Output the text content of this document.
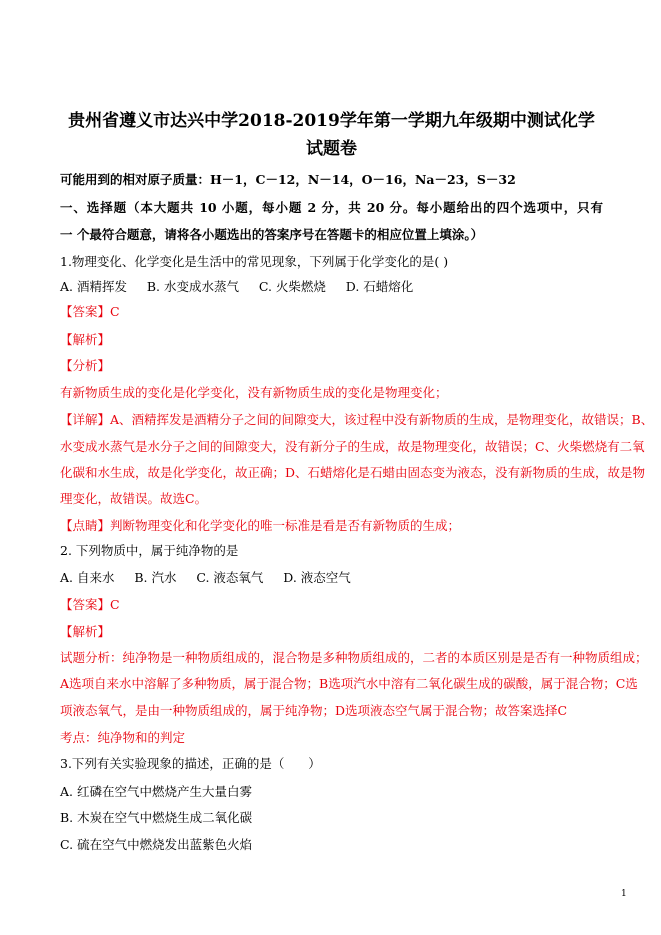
贵州省遵义市达兴中学2018-2019学年第一学期九年级期中测试化学
试题卷
可能用到的相对原子质量：H－1，C－12，N－14，O－16，Na－23，S－32
一、选择题（本大题共 10 小题，每小题 2 分，共 20 分。每小题给出的四个选项中，只有
一 个最符合题意，请将各小题选出的答案序号在答题卡的相应位置上填涂。）
1.物理变化、化学变化是生活中的常见现象，下列属于化学变化的是( )
A. 酒精挥发     B. 水变成水蒸气     C. 火柴燃烧     D. 石蜡熔化
【答案】C
【解析】
【分析】
有新物质生成的变化是化学变化，没有新物质生成的变化是物理变化；
【详解】A、酒精挥发是酒精分子之间的间隙变大，该过程中没有新物质的生成，是物理变化，故错误；B、
水变成水蒸气是水分子之间的间隙变大，没有新分子的生成，故是物理变化，故错误；C、火柴燃烧有二氧
化碳和水生成，故是化学变化，故正确；D、石蜡熔化是石蜡由固态变为液态，没有新物质的生成，故是物
理变化，故错误。故选C。
【点睛】判断物理变化和化学变化的唯一标准是看是否有新物质的生成；
2. 下列物质中，属于纯净物的是
A. 自来水     B. 汽水     C. 液态氧气     D. 液态空气
【答案】C
【解析】
试题分析：纯净物是一种物质组成的，混合物是多种物质组成的，二者的本质区别是是否有一种物质组成；
A选项自来水中溶解了多种物质，属于混合物；B选项汽水中溶有二氧化碳生成的碳酸，属于混合物；C选
项液态氧气，是由一种物质组成的，属于纯净物；D选项液态空气属于混合物；故答案选择C
考点：纯净物和的判定
3.下列有关实验现象的描述，正确的是（      ）
A. 红磷在空气中燃烧产生大量白雾
B. 木炭在空气中燃烧生成二氧化碳
C. 硫在空气中燃烧发出蓝紫色火焰
1
